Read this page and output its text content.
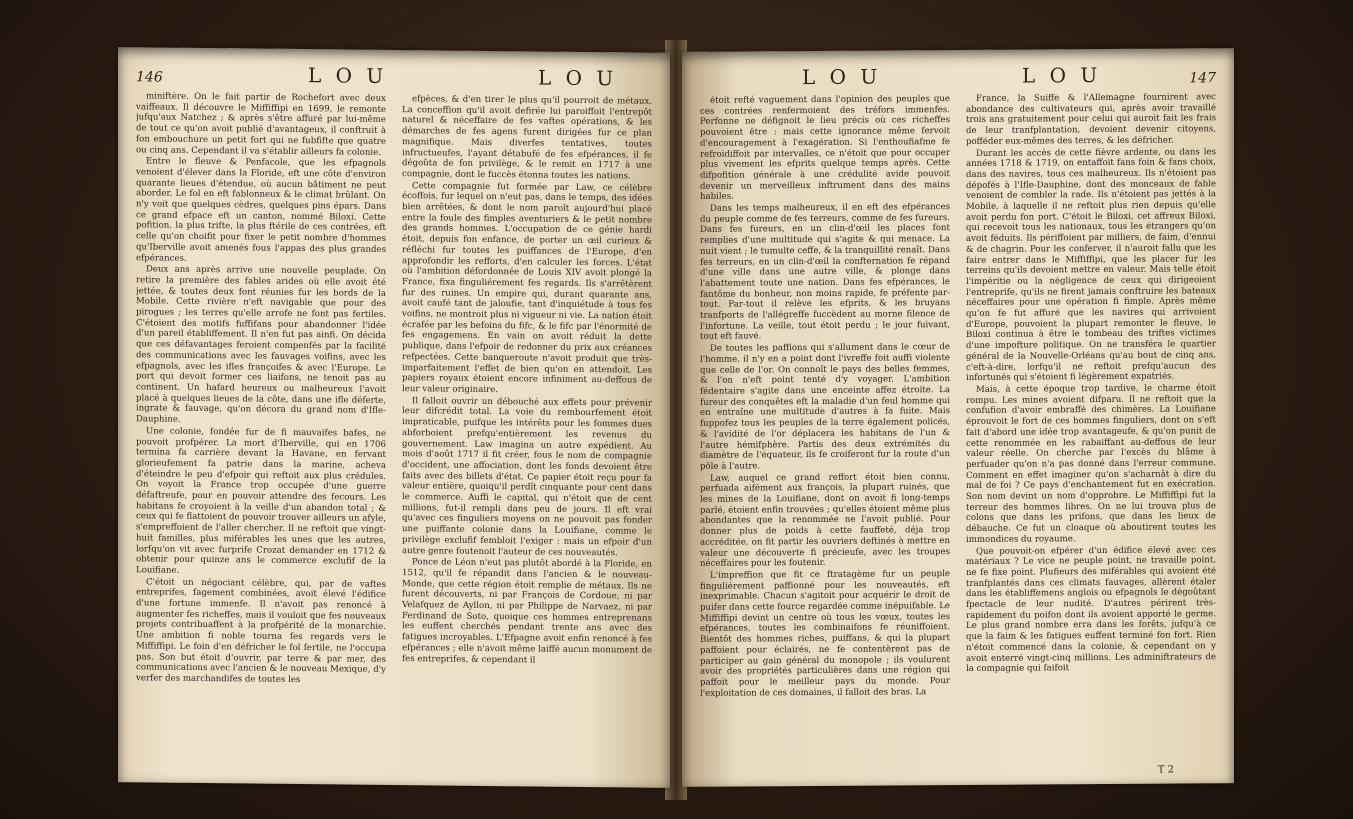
146	L O U	L O U

miniftère. On le fait partir de Rochefort avec deux vaiffeaux. Il découvre le Miffiffipi en 1699, le remonte jufqu'aux Natchez ; & après s'être affuré par lui-même de tout ce qu'on avoit publié d'avantageux, il conftruit à fon embouchure un petit fort qui ne fubfifte que quatre ou cinq ans. Cependant il va s'établir ailleurs fa colonie.

Entre le fleuve & Penfacole, que les efpagnols venoient d'élever dans la Floride, eft une côte d'environ quarante lieues d'étendue, où aucun bâtiment ne peut aborder. Le fol en eft fablonneux & le climat brûlant. On n'y voit que quelques cèdres, quelques pins épars. Dans ce grand efpace eft un canton, nommé Biloxi. Cette pofition, la plus trifte, la plus ftérile de ces contrées, eft celle qu'on choifit pour fixer le petit nombre d'hommes qu'Iberville avoit amenés fous l'appas des plus grandes efpérances.

Deux ans après arrive une nouvelle peuplade. On retire la première des fables arides où elle avoit été jettée, & toutes deux font réunies fur les bords de la Mobile. Cette rivière n'eft navigable que pour des pirogues ; les terres qu'elle arrofe ne font pas fertiles. C'étoient des motifs fuffifans pour abandonner l'idée d'un pareil établiffement. Il n'en fut pas ainfi. On décida que ces défavantages feroient compenfés par la facilité des communications avec les fauvages voifins, avec les efpagnols, avec les ifles françoifes & avec l'Europe. Le port qui devoit former ces liaifons, ne tenoit pas au continent. Un hafard heureux ou malheureux l'avoit placé à quelques lieues de la côte, dans une ifle déferte, ingrate & fauvage, qu'on décora du grand nom d'Ifle-Dauphine.

Une colonie, fondée fur de fi mauvaifes bafes, ne pouvoit profpérer. La mort d'Iberville, qui en 1706 termina fa carrière devant la Havane, en fervant glorieufement fa patrie dans la marine, acheva d'éteindre le peu d'efpoir qui reftoit aux plus crédules. On voyoit la France trop occupée d'une guerre défaftreufe, pour en pouvoir attendre des fecours. Les habitans fe croyoient à la veille d'un abandon total ; & ceux qui fe flattoient de pouvoir trouver ailleurs un afyle, s'empreffoient de l'aller chercher. Il ne reftoit que vingt-huit familles, plus miférables les unes que les autres, lorfqu'on vit avec furprife Crozat demander en 1712 & obtenir pour quinze ans le commerce exclufif de la Louifiane.

C'étoit un négociant célèbre, qui, par de vaftes entreprifes, fagement combinées, avoit élevé l'édifice d'une fortune immenfe. Il n'avoit pas renoncé à augmenter fes richeffes, mais il vouloit que fes nouveaux projets contribuaffent à la profpérité de la monarchie. Une ambition fi noble tourna fes regards vers le Miffiffipi. Le foin d'en défricher le fol fertile, ne l'occupa pas. Son but étoit d'ouvrir, par terre & par mer, des communications avec l'ancien & le nouveau Mexique, d'y verfer des marchandifes de toutes les

efpèces, & d'en tirer le plus qu'il pourroit de métaux. La conceffion qu'il avoit defirée lui paroiffoit l'entrepôt naturel & néceffaire de fes vaftes opérations, & les démarches de fes agens furent dirigées fur ce plan magnifique. Mais diverfes tentatives, toutes infructueufes, l'ayant détabufé de fes efpérances, il fe dégoûta de fon privilège, & le remit en 1717 à une compagnie, dont le fuccès étonna toutes les nations.

Cette compagnie fut formée par Law, ce célèbre écoffois, fur lequel on n'eut pas, dans le temps, des idées bien arrêtées, & dont le nom paroît aujourd'hui placé entre la foule des fimples aventuriers & le petit nombre des grands hommes. L'occupation de ce génie hardi étoit, depuis fon enfance, de porter un œil curieux & réfléchi fur toutes les puiffances de l'Europe, d'en approfondir les refforts, d'en calculer les forces. L'état où l'ambition défordonnée de Louis XIV avoit plongé la France, fixa finguliérement fes regards. Ils s'arrêtèrent fur des ruines. Un empire qui, durant quarante ans, avoit caufé tant de jaloufie, tant d'inquiétude à tous fes voifins, ne montroit plus ni vigueur ni vie. La nation étoit écrafée par les befoins du fifc, & le fifc par l'énormité de fes engagemens. En vain on avoit réduit la dette publique, dans l'efpoir de redonner du prix aux créances refpectées. Cette banqueroute n'avoit produit que très-imparfaitement l'effet de bien qu'on en attendoit. Les papiers royaux étoient encore infiniment au-deffous de leur valeur originaire.

Il falloit ouvrir un débouché aux effets pour prévenir leur difcrédit total. La voie du rembourfement étoit impraticable, puifque les intérêts pour les fommes dues abforboient prefqu'entièrement les revenus du gouvernement. Law imagina un autre expédient. Au mois d'août 1717 il fit créer, fous le nom de compagnie d'occident, une affociation, dont les fonds devoient être faits avec des billets d'état. Ce papier étoit reçu pour fa valeur entière, quoiqu'il perdît cinquante pour cent dans le commerce. Auffi le capital, qui n'étoit que de cent millions, fut-il rempli dans peu de jours. Il eft vrai qu'avec ces finguliers moyens on ne pouvoit pas fonder une puiffante colonie dans la Louifiane, comme le privilège exclufif fembloit l'exiger : mais un efpoir d'un autre genre foutenoit l'auteur de ces nouveautés.

Ponce de Léon n'eut pas plutôt abordé à la Floride, en 1512, qu'il fe répandit dans l'ancien & le nouveau-Monde, que cette région étoit remplie de métaux. Ils ne furent découverts, ni par François de Cordoue, ni par Velafquez de Ayllon, ni par Philippe de Narvaez, ni par Ferdinand de Soto, quoique ces hommes entreprenans les euffent cherchés pendant trente ans avec des fatigues incroyables. L'Efpagne avoit enfin renoncé à fes efpérances ; elle n'avoit même laiffé aucun monument de fes entreprifes, & cependant il

L O U	L O U	147

étoit refté vaguement dans l'opinion des peuples que ces contrées renfermoient des tréfors immenfes. Perfonne ne défignoit le lieu précis où ces richeffes pouvoient être : mais cette ignorance même fervoit d'encouragement à l'exagération. Si l'enthoufiafme fe refroidiffoit par intervalles, ce n'étoit que pour occuper plus vivement les efprits quelque temps après. Cette difpofition générale à une crédulité avide pouvoit devenir un merveilleux inftrument dans des mains habiles.

Dans les temps malheureux, il en eft des efpérances du peuple comme de fes terreurs, comme de fes fureurs. Dans fes fureurs, en un clin-d'œil les places font remplies d'une multitude qui s'agite & qui menace. La nuit vient ; le tumulte ceffe, & la tranquillité renaît. Dans fes terreurs, en un clin-d'œil la confternation fe répand d'une ville dans une autre ville, & plonge dans l'abattement toute une nation. Dans fes efpérances, le fantôme du bonheur, non moins rapide, fe préfente par-tout. Par-tout il relève les efprits, & les bruyans tranfports de l'allégreffe fuccèdent au morne filence de l'infortune. La veille, tout étoit perdu ; le jour fuivant, tout eft fauvé.

De toutes les paffions qui s'allument dans le cœur de l'homme, il n'y en a point dont l'ivreffe foit auffi violente que celle de l'or. On connoît le pays des belles femmes, & l'on n'eft point tenté d'y voyager. L'ambition fédentaire s'agite dans une enceinte affez étroite. La fureur des conquêtes eft la maladie d'un feul homme qui en entraîne une multitude d'autres à fa fuite. Mais fuppofez tous les peuples de la terre également policés, & l'avidité de l'or déplacera les habitans de l'un & l'autre hémifphère. Partis des deux extrémités du diamètre de l'équateur, ils fe croiferont fur la route d'un pôle à l'autre.

Law, auquel ce grand reffort étoit bien connu, perfuada aifément aux françois, la plupart ruinés, que les mines de la Louifiane, dont on avoit fi long-temps parlé, étoient enfin trouvées ; qu'elles étoient même plus abondantes que la renommée ne l'avoit publié. Pour donner plus de poids à cette fauffeté, déja trop accréditée, on fit partir les ouvriers deftinés à mettre en valeur une découverte fi précieufe, avec les troupes néceffaires pour les foutenir.

L'impreffion que fit ce ftratagème fur un peuple finguliérement paffionné pour les nouveautés, eft inexprimable. Chacun s'agitoit pour acquérir le droit de puifer dans cette fource regardée comme inépuifable. Le Miffiffipi devint un centre où tous les vœux, toutes les efpérances, toutes les combinaifons fe réuniffoient. Bientôt des hommes riches, puiffans, & qui la plupart paffoient pour éclairés, ne fe contentèrent pas de participer au gain général du monopole ; ils voulurent avoir des propriétés particulières dans une région qui paffoit pour le meilleur pays du monde. Pour l'exploitation de ces domaines, il falloit des bras. La

France, la Suiffe & l'Allemagne fournirent avec abondance des cultivateurs qui, après avoir travaillé trois ans gratuitement pour celui qui auroit fait les frais de leur tranfplantation, devoient devenir citoyens, pofféder eux-mêmes des terres, & les défricher.

Durant les accès de cette fièvre ardente, ou dans les années 1718 & 1719, on entaffoit fans foin & fans choix, dans des navires, tous ces malheureux. Ils n'étoient pas dépofés à l'Ifle-Dauphine, dont des monceaux de fable venoient de combler la rade. Ils n'étoient pas jettés à la Mobile, à laquelle il ne reftoit plus rien depuis qu'elle avoit perdu fon port. C'étoit le Biloxi, cet affreux Biloxi, qui recevoit tous les nationaux, tous les étrangers qu'on avoit féduits. Ils périffoient par milliers, de faim, d'ennui & de chagrin. Pour les conferver, il n'auroit fallu que les faire entrer dans le Miffiffipi, que les placer fur les terreins qu'ils devoient mettre en valeur. Mais telle étoit l'impéritie ou la négligence de ceux qui dirigeoient l'entreprife, qu'ils ne firent jamais conftruire les bateaux néceffaires pour une opération fi fimple. Après même qu'on fe fut affuré que les navires qui arrivoient d'Europe, pouvoient la plupart remonter le fleuve, le Biloxi continua à être le tombeau des triftes victimes d'une impofture politique. On ne transféra le quartier général de la Nouvelle-Orléans qu'au bout de cinq ans, c'eft-à-dire, lorfqu'il ne reftoit prefqu'aucun des infortunés qui s'étoient fi légèrement expatriés.

Mais, à cette époque trop tardive, le charme étoit rompu. Les mines avoient difparu. Il ne reftoit que la confufion d'avoir embraffé des chimères. La Louifiane éprouvoit le fort de ces hommes finguliers, dont on s'eft fait d'abord une idée trop avantageufe, & qu'on punit de cette renommée en les rabaiffant au-deffous de leur valeur réelle. On cherche par l'excès du blâme à perfuader qu'on n'a pas donné dans l'erreur commune. Comment en effet imaginer qu'on s'acharnât à dire du mal de foi ? Ce pays d'enchantement fut en exécration. Son nom devint un nom d'opprobre. Le Miffiffipi fut la terreur des hommes libres. On ne lui trouva plus de colons que dans les prifons, que dans les lieux de débauche. Ce fut un cloaque où aboutirent toutes les immondices du royaume.

Que pouvoit-on efpérer d'un édifice élevé avec ces matériaux ? Le vice ne peuple point, ne travaille point, ne fe fixe point. Plufieurs des miférables qui avoient été tranfplantés dans ces climats fauvages, allèrent étaler dans les établiffemens anglois ou efpagnols le dégoûtant fpectacle de leur nudité. D'autres périrent très-rapidement du poifon dont ils avoient apporté le germe. Le plus grand nombre erra dans les forêts, jufqu'à ce que la faim & les fatigues euffent terminé fon fort. Rien n'étoit commencé dans la colonie, & cependant on y avoit enterré vingt-cinq millions. Les adminiftrateurs de la compagnie qui faifoit

T 2
